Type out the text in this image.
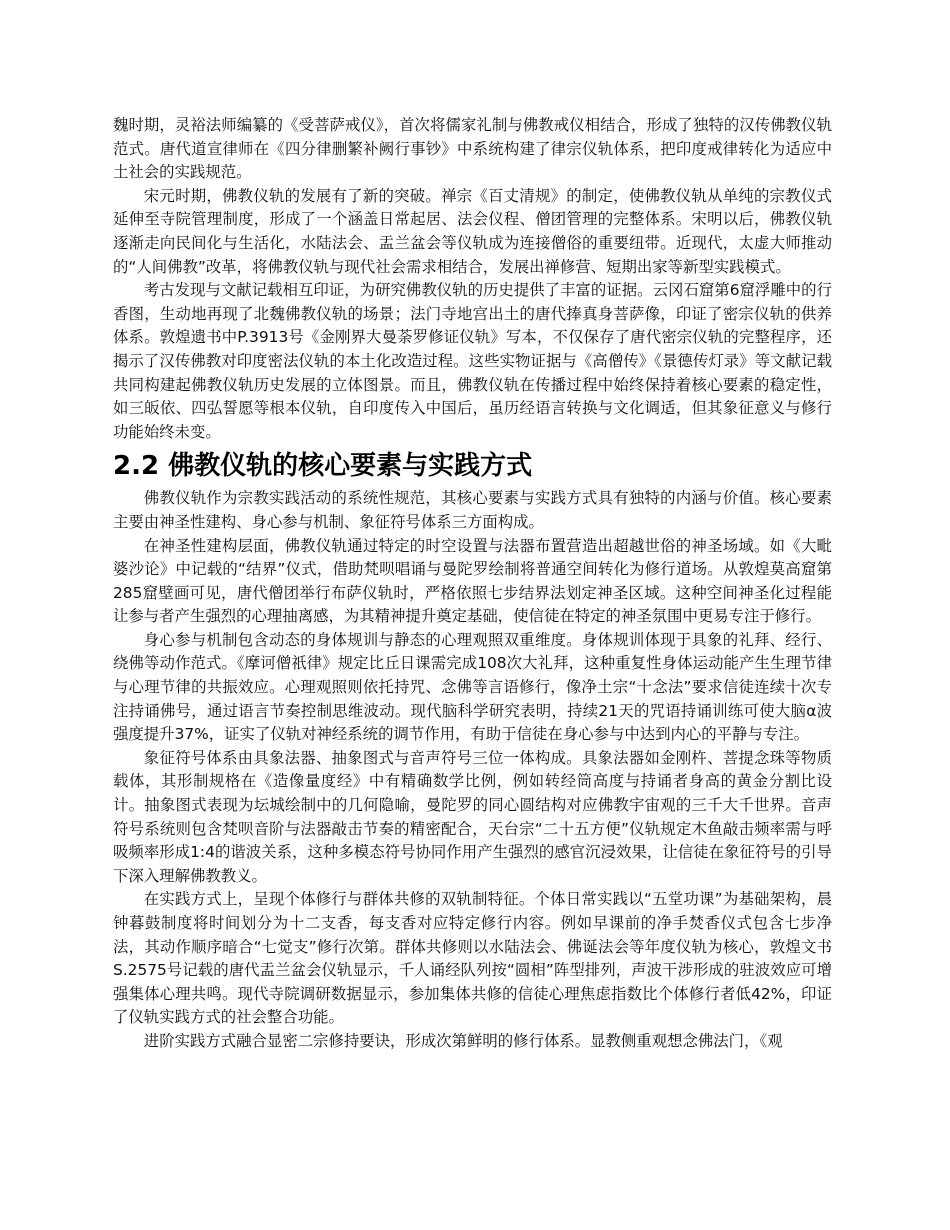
魏时期，灵裕法师编纂的《受菩萨戒仪》，首次将儒家礼制与佛教戒仪相结合，形成了独特的汉传佛教仪轨范式。唐代道宣律师在《四分律删繁补阙行事钞》中系统构建了律宗仪轨体系，把印度戒律转化为适应中土社会的实践规范。

宋元时期，佛教仪轨的发展有了新的突破。禅宗《百丈清规》的制定，使佛教仪轨从单纯的宗教仪式延伸至寺院管理制度，形成了一个涵盖日常起居、法会仪程、僧团管理的完整体系。宋明以后，佛教仪轨逐渐走向民间化与生活化，水陆法会、盂兰盆会等仪轨成为连接僧俗的重要纽带。近现代，太虚大师推动的“人间佛教”改革，将佛教仪轨与现代社会需求相结合，发展出禅修营、短期出家等新型实践模式。

考古发现与文献记载相互印证，为研究佛教仪轨的历史提供了丰富的证据。云冈石窟第6窟浮雕中的行香图，生动地再现了北魏佛教仪轨的场景；法门寺地宫出土的唐代捧真身菩萨像，印证了密宗仪轨的供养体系。敦煌遗书中P.3913号《金刚界大曼荼罗修证仪轨》写本，不仅保存了唐代密宗仪轨的完整程序，还揭示了汉传佛教对印度密法仪轨的本土化改造过程。这些实物证据与《高僧传》《景德传灯录》等文献记载共同构建起佛教仪轨历史发展的立体图景。而且，佛教仪轨在传播过程中始终保持着核心要素的稳定性，如三皈依、四弘誓愿等根本仪轨，自印度传入中国后，虽历经语言转换与文化调适，但其象征意义与修行功能始终未变。

2.2 佛教仪轨的核心要素与实践方式

佛教仪轨作为宗教实践活动的系统性规范，其核心要素与实践方式具有独特的内涵与价值。核心要素主要由神圣性建构、身心参与机制、象征符号体系三方面构成。

在神圣性建构层面，佛教仪轨通过特定的时空设置与法器布置营造出超越世俗的神圣场域。如《大毗婆沙论》中记载的“结界”仪式，借助梵呗唱诵与曼陀罗绘制将普通空间转化为修行道场。从敦煌莫高窟第285窟壁画可见，唐代僧团举行布萨仪轨时，严格依照七步结界法划定神圣区域。这种空间神圣化过程能让参与者产生强烈的心理抽离感，为其精神提升奠定基础，使信徒在特定的神圣氛围中更易专注于修行。

身心参与机制包含动态的身体规训与静态的心理观照双重维度。身体规训体现于具象的礼拜、经行、绕佛等动作范式。《摩诃僧祇律》规定比丘日课需完成108次大礼拜，这种重复性身体运动能产生生理节律与心理节律的共振效应。心理观照则依托持咒、念佛等言语修行，像净土宗“十念法”要求信徒连续十次专注持诵佛号，通过语言节奏控制思维波动。现代脑科学研究表明，持续21天的咒语持诵训练可使大脑α波强度提升37%，证实了仪轨对神经系统的调节作用，有助于信徒在身心参与中达到内心的平静与专注。

象征符号体系由具象法器、抽象图式与音声符号三位一体构成。具象法器如金刚杵、菩提念珠等物质载体，其形制规格在《造像量度经》中有精确数学比例，例如转经筒高度与持诵者身高的黄金分割比设计。抽象图式表现为坛城绘制中的几何隐喻，曼陀罗的同心圆结构对应佛教宇宙观的三千大千世界。音声符号系统则包含梵呗音阶与法器敲击节奏的精密配合，天台宗“二十五方便”仪轨规定木鱼敲击频率需与呼吸频率形成1:4的谐波关系，这种多模态符号协同作用产生强烈的感官沉浸效果，让信徒在象征符号的引导下深入理解佛教教义。

在实践方式上，呈现个体修行与群体共修的双轨制特征。个体日常实践以“五堂功课”为基础架构，晨钟暮鼓制度将时间划分为十二支香，每支香对应特定修行内容。例如早课前的净手焚香仪式包含七步净法，其动作顺序暗合“七觉支”修行次第。群体共修则以水陆法会、佛诞法会等年度仪轨为核心，敦煌文书S.2575号记载的唐代盂兰盆会仪轨显示，千人诵经队列按“圆相”阵型排列，声波干涉形成的驻波效应可增强集体心理共鸣。现代寺院调研数据显示，参加集体共修的信徒心理焦虑指数比个体修行者低42%，印证了仪轨实践方式的社会整合功能。

进阶实践方式融合显密二宗修持要诀，形成次第鲜明的修行体系。显教侧重观想念佛法门，《观
